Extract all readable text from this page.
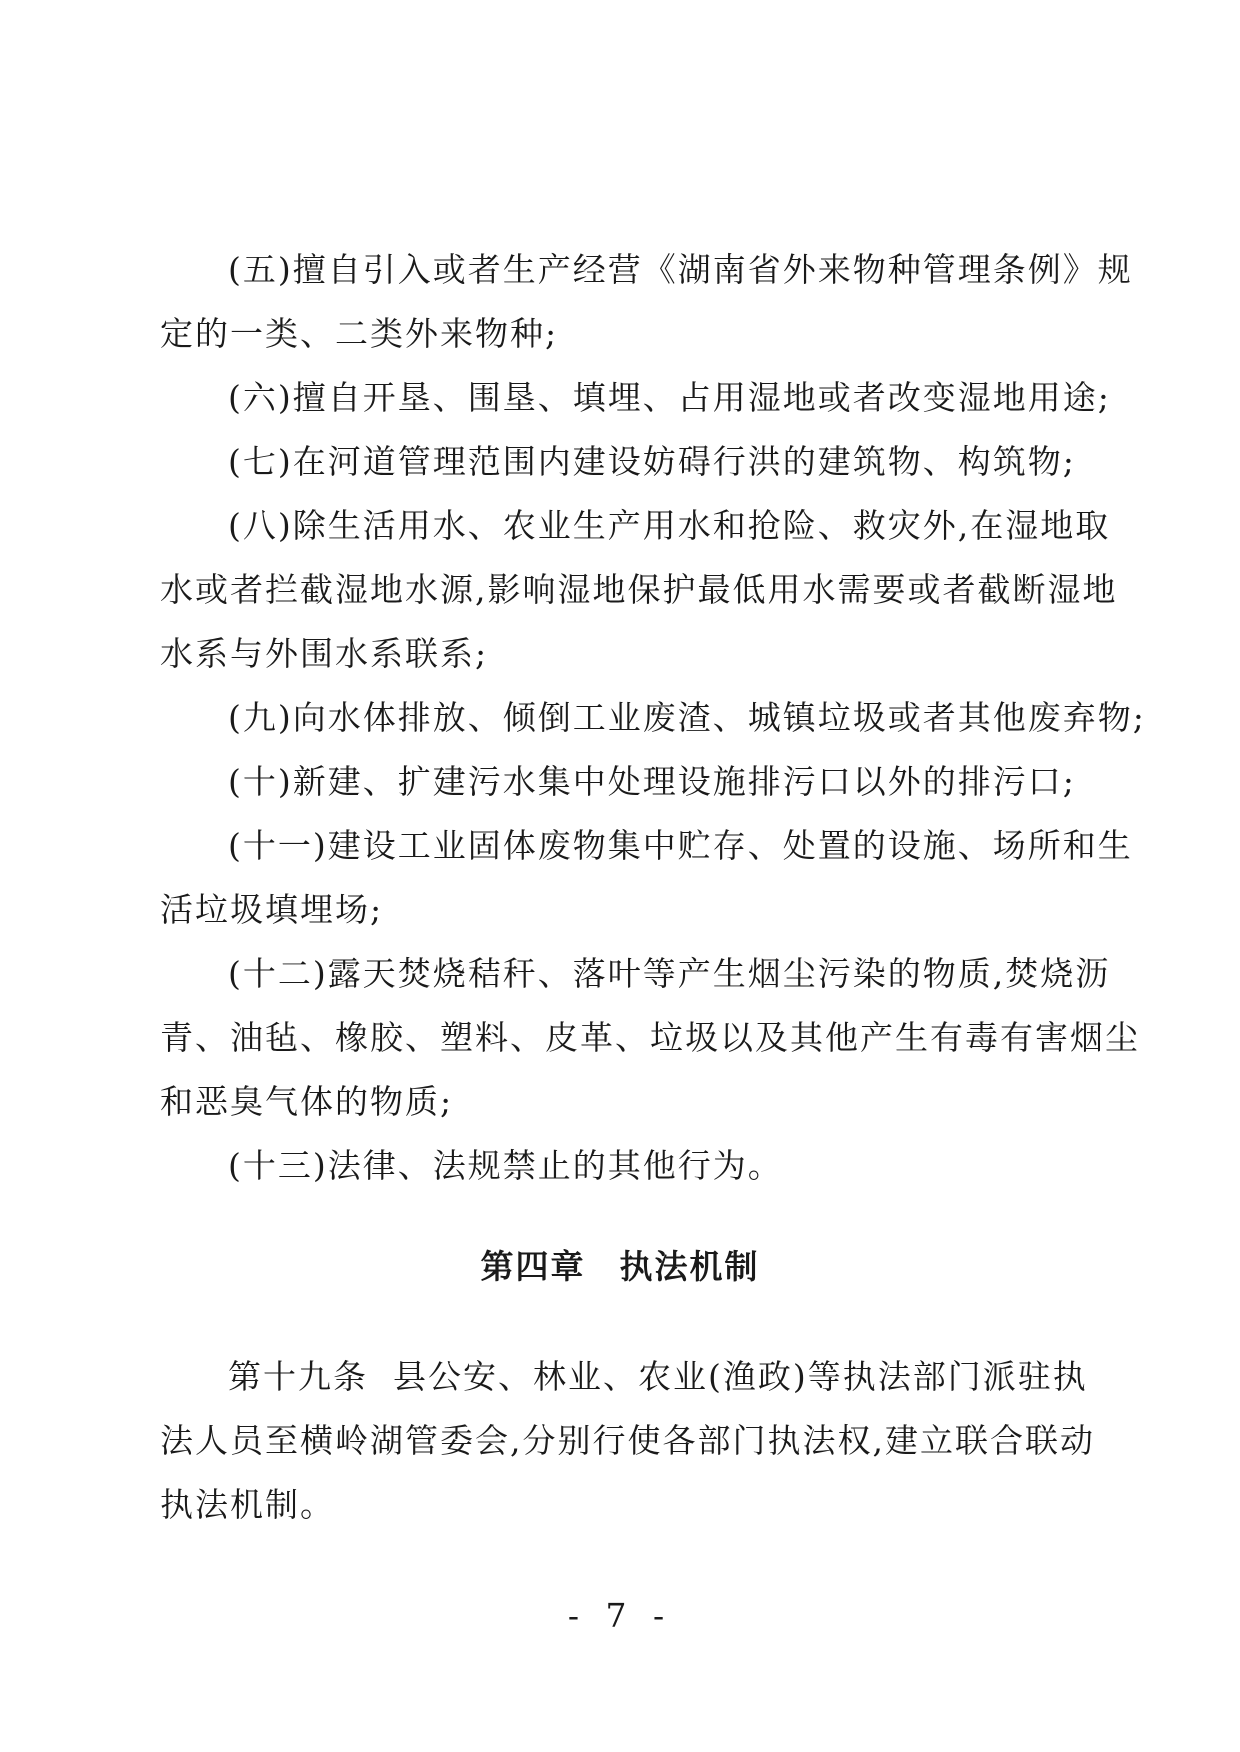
(五)擅自引入或者生产经营《湖南省外来物种管理条例》规

定的一类、二类外来物种;

(六)擅自开垦、围垦、填埋、占用湿地或者改变湿地用途;

(七)在河道管理范围内建设妨碍行洪的建筑物、构筑物;

(八)除生活用水、农业生产用水和抢险、救灾外,在湿地取

水或者拦截湿地水源,影响湿地保护最低用水需要或者截断湿地

水系与外围水系联系;

(九)向水体排放、倾倒工业废渣、城镇垃圾或者其他废弃物;

(十)新建、扩建污水集中处理设施排污口以外的排污口;

(十一)建设工业固体废物集中贮存、处置的设施、场所和生

活垃圾填埋场;

(十二)露天焚烧秸秆、落叶等产生烟尘污染的物质,焚烧沥

青、油毡、橡胶、塑料、皮革、垃圾以及其他产生有毒有害烟尘

和恶臭气体的物质;

(十三)法律、法规禁止的其他行为。

第四章 执法机制

第十九条  县公安、林业、农业(渔政)等执法部门派驻执

法人员至横岭湖管委会,分别行使各部门执法权,建立联合联动

执法机制。

- 7 -
